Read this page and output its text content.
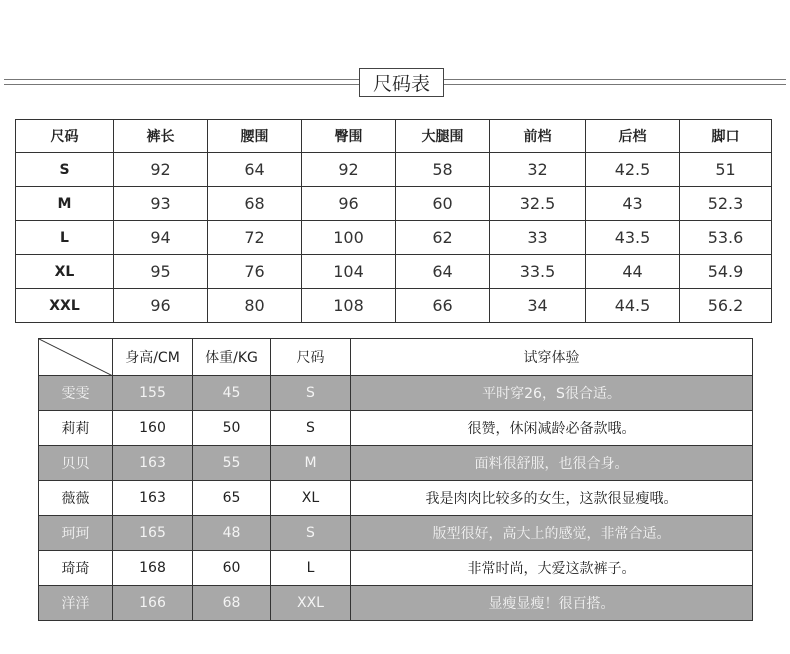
尺码表
尺码	裤长	腰围	臀围	大腿围	前档	后档	脚口
S	92	64	92	58	32	42.5	51
M	93	68	96	60	32.5	43	52.3
L	94	72	100	62	33	43.5	53.6
XL	95	76	104	64	33.5	44	54.9
XXL	96	80	108	66	34	44.5	56.2
	身高/CM	体重/KG	尺码	试穿体验
雯雯	155	45	S	平时穿26，S很合适。
莉莉	160	50	S	很赞，休闲减龄必备款哦。
贝贝	163	55	M	面料很舒服，也很合身。
薇薇	163	65	XL	我是肉肉比较多的女生，这款很显瘦哦。
珂珂	165	48	S	版型很好，高大上的感觉，非常合适。
琦琦	168	60	L	非常时尚，大爱这款裤子。
洋洋	166	68	XXL	显瘦显瘦！很百搭。
